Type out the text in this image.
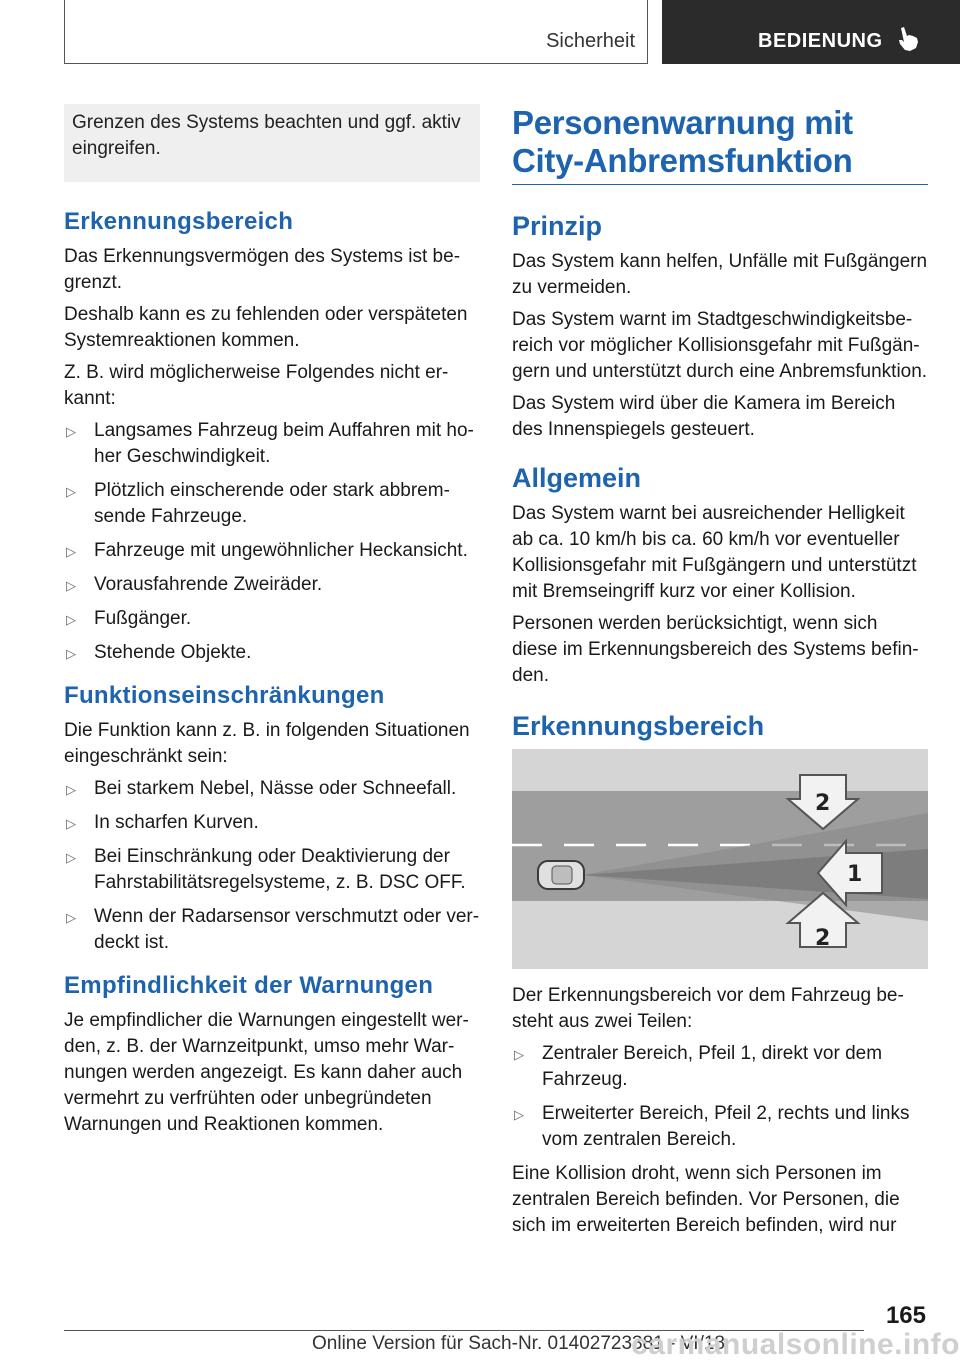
Sicherheit	BEDIENUNG
Grenzen des Systems beachten und ggf. aktiv eingreifen.
Erkennungsbereich

Das Erkennungsvermögen des Systems ist begrenzt.

Deshalb kann es zu fehlenden oder verspäteten Systemreaktionen kommen.

Z. B. wird möglicherweise Folgendes nicht erkannt:

▷ Langsames Fahrzeug beim Auffahren mit hoher Geschwindigkeit.
▷ Plötzlich einscherende oder stark abbremsende Fahrzeuge.
▷ Fahrzeuge mit ungewöhnlicher Heckansicht.
▷ Vorausfahrende Zweiräder.
▷ Fußgänger.
▷ Stehende Objekte.
Funktionseinschränkungen

Die Funktion kann z. B. in folgenden Situationen eingeschränkt sein:

▷ Bei starkem Nebel, Nässe oder Schneefall.
▷ In scharfen Kurven.
▷ Bei Einschränkung oder Deaktivierung der Fahrstabilitätsregelsysteme, z. B. DSC OFF.
▷ Wenn der Radarsensor verschmutzt oder verdeckt ist.
Empfindlichkeit der Warnungen

Je empfindlicher die Warnungen eingestellt werden, z. B. der Warnzeitpunkt, umso mehr Warnungen werden angezeigt. Es kann daher auch vermehrt zu verfrühten oder unbegründeten Warnungen und Reaktionen kommen.

Personenwarnung mit City-Anbremsfunktion
Prinzip

Das System kann helfen, Unfälle mit Fußgängern zu vermeiden.

Das System warnt im Stadtgeschwindigkeitsbereich vor möglicher Kollisionsgefahr mit Fußgängern und unterstützt durch eine Anbremsfunktion.

Das System wird über die Kamera im Bereich des Innenspiegels gesteuert.

Allgemein

Das System warnt bei ausreichender Helligkeit ab ca. 10 km/h bis ca. 60 km/h vor eventueller Kollisionsgefahr mit Fußgängern und unterstützt mit Bremseingriff kurz vor einer Kollision.

Personen werden berücksichtigt, wenn sich diese im Erkennungsbereich des Systems befinden.

Erkennungsbereich
2
1
2

Der Erkennungsbereich vor dem Fahrzeug besteht aus zwei Teilen:

▷ Zentraler Bereich, Pfeil 1, direkt vor dem Fahrzeug.
▷ Erweiterter Bereich, Pfeil 2, rechts und links vom zentralen Bereich.

Eine Kollision droht, wenn sich Personen im zentralen Bereich befinden. Vor Personen, die sich im erweiterten Bereich befinden, wird nur

165
Online Version für Sach-Nr. 01402723381 - VI/18
carmanualsonline.info
